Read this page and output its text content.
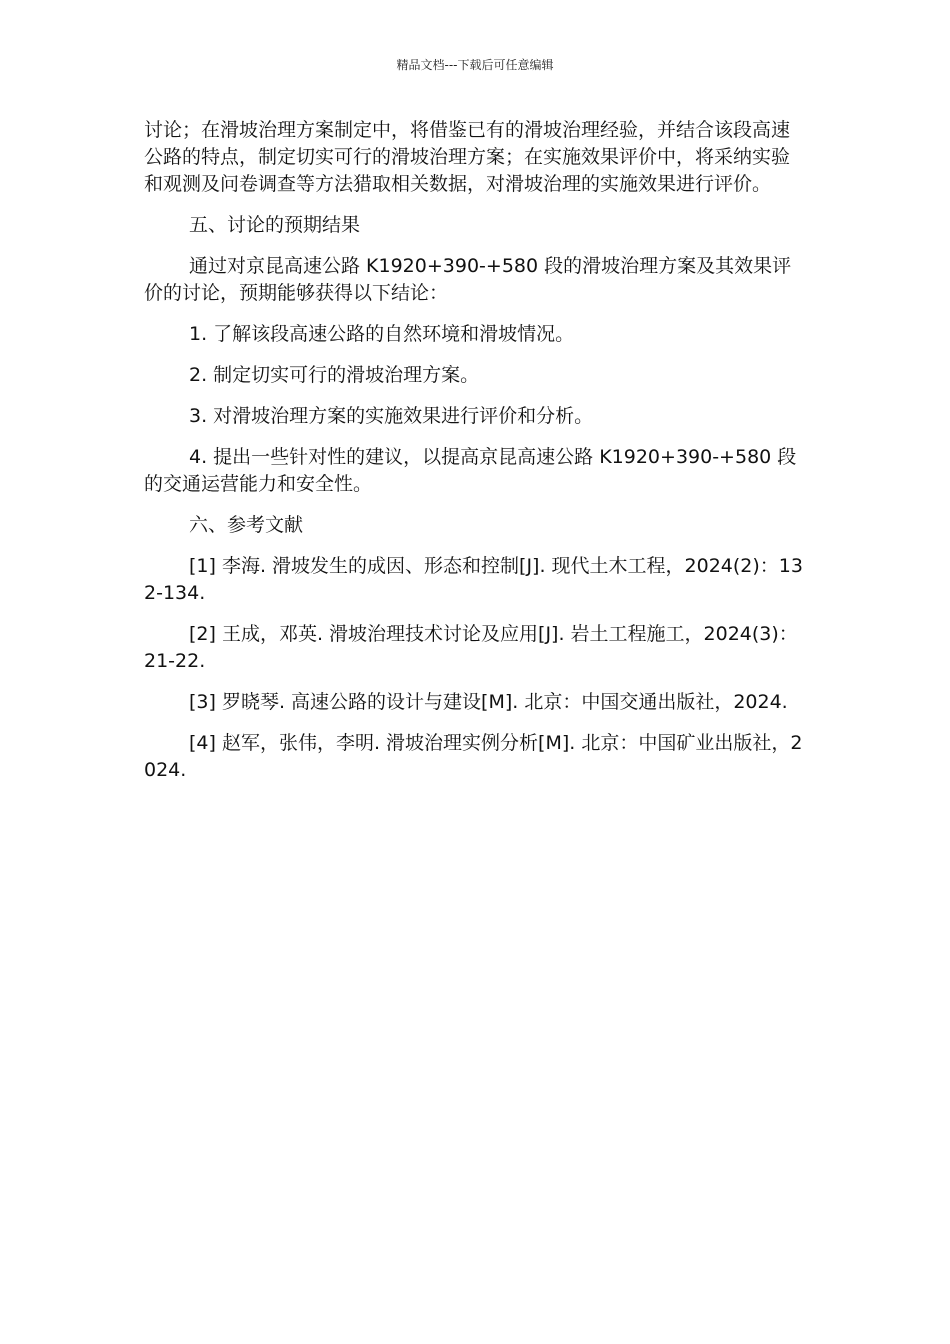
精品文档---下载后可任意编辑

讨论；在滑坡治理方案制定中，将借鉴已有的滑坡治理经验，并结合该段高速公路的特点，制定切实可行的滑坡治理方案；在实施效果评价中，将采纳实验和观测及问卷调查等方法猎取相关数据，对滑坡治理的实施效果进行评价。

五、讨论的预期结果

通过对京昆高速公路 K1920+390-+580 段的滑坡治理方案及其效果评价的讨论，预期能够获得以下结论：

1. 了解该段高速公路的自然环境和滑坡情况。

2. 制定切实可行的滑坡治理方案。

3. 对滑坡治理方案的实施效果进行评价和分析。

4. 提出一些针对性的建议，以提高京昆高速公路 K1920+390-+580 段的交通运营能力和安全性。

六、参考文献

[1] 李海. 滑坡发生的成因、形态和控制[J]. 现代土木工程，2024(2)：132-134.

[2] 王成，邓英. 滑坡治理技术讨论及应用[J]. 岩土工程施工，2024(3)：21-22.

[3] 罗晓琴. 高速公路的设计与建设[M]. 北京：中国交通出版社，2024.

[4] 赵军，张伟，李明. 滑坡治理实例分析[M]. 北京：中国矿业出版社，2024.
